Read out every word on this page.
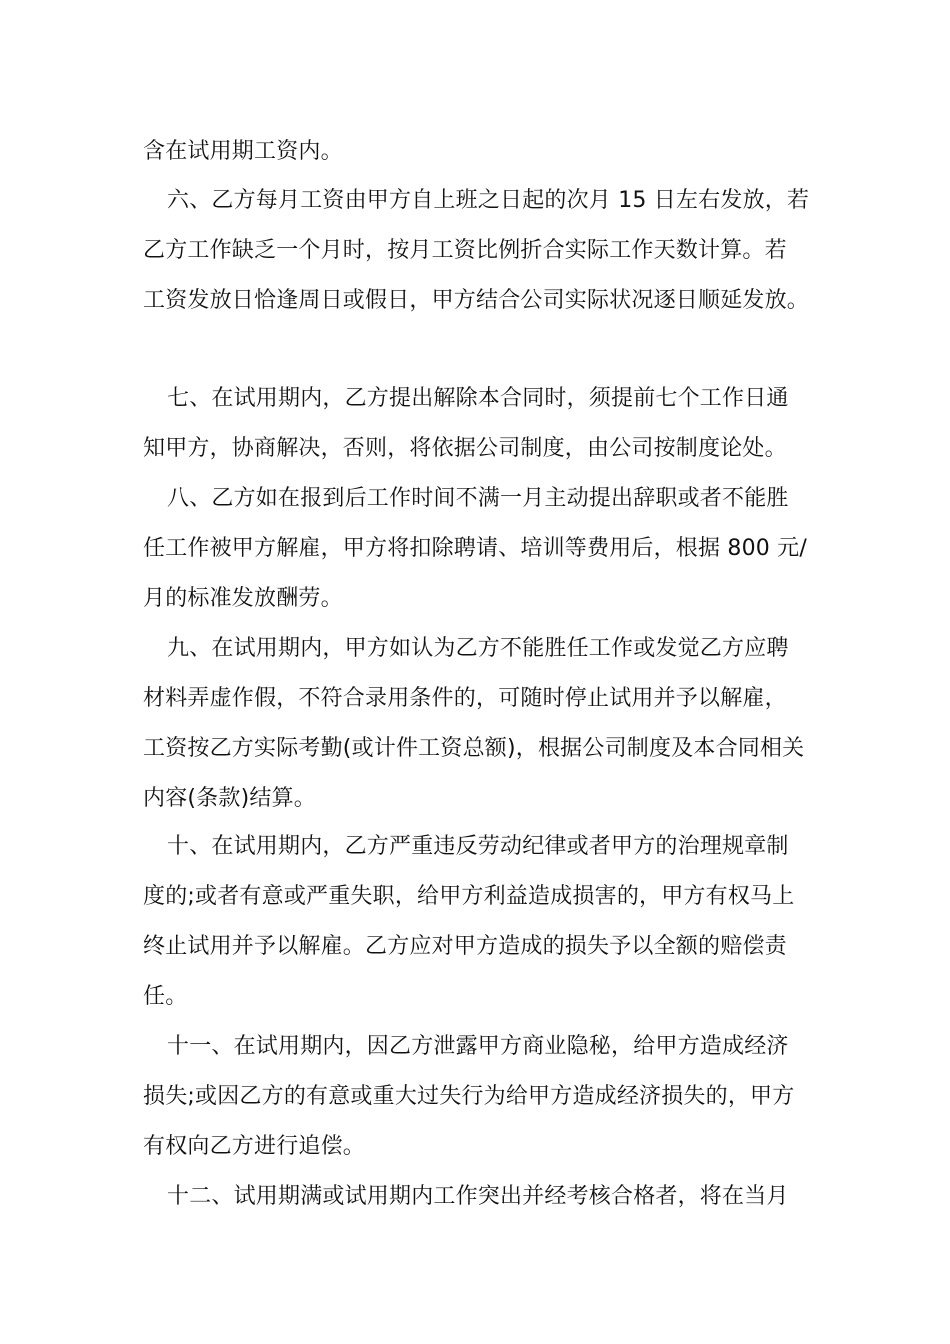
含在试用期工资内。
六、乙方每月工资由甲方自上班之日起的次月 15 日左右发放，若
乙方工作缺乏一个月时，按月工资比例折合实际工作天数计算。若
工资发放日恰逢周日或假日，甲方结合公司实际状况逐日顺延发放。
七、在试用期内，乙方提出解除本合同时，须提前七个工作日通
知甲方，协商解决，否则，将依据公司制度，由公司按制度论处。
八、乙方如在报到后工作时间不满一月主动提出辞职或者不能胜
任工作被甲方解雇，甲方将扣除聘请、培训等费用后，根据 800 元/
月的标准发放酬劳。
九、在试用期内，甲方如认为乙方不能胜任工作或发觉乙方应聘
材料弄虚作假，不符合录用条件的，可随时停止试用并予以解雇，
工资按乙方实际考勤(或计件工资总额)，根据公司制度及本合同相关
内容(条款)结算。
十、在试用期内，乙方严重违反劳动纪律或者甲方的治理规章制
度的;或者有意或严重失职，给甲方利益造成损害的，甲方有权马上
终止试用并予以解雇。乙方应对甲方造成的损失予以全额的赔偿责
任。
十一、在试用期内，因乙方泄露甲方商业隐秘，给甲方造成经济
损失;或因乙方的有意或重大过失行为给甲方造成经济损失的，甲方
有权向乙方进行追偿。
十二、试用期满或试用期内工作突出并经考核合格者，将在当月
